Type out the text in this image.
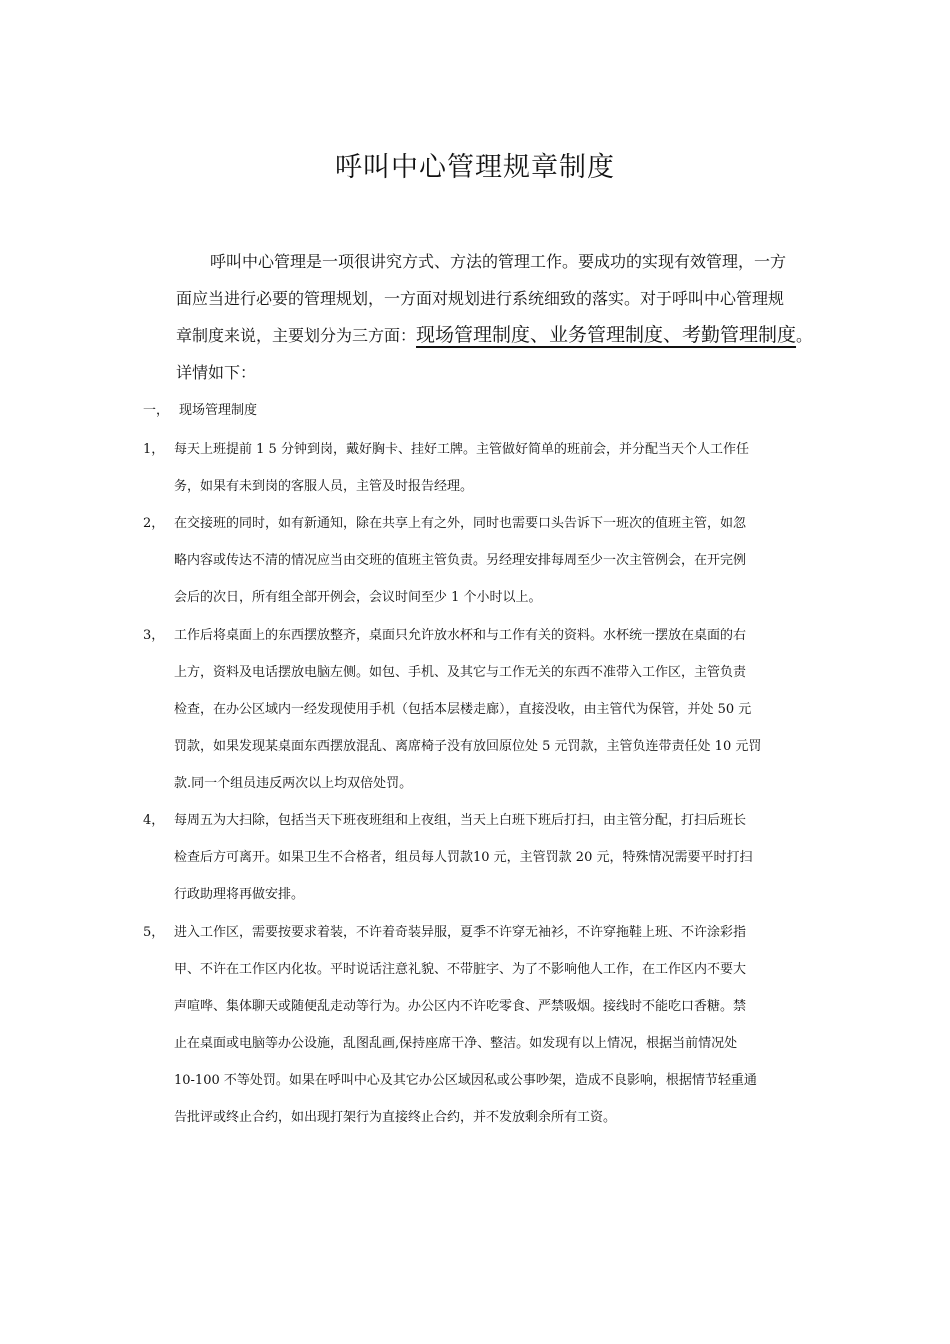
呼叫中心管理规章制度
呼叫中心管理是一项很讲究方式、方法的管理工作。要成功的实现有效管理，一方
面应当进行必要的管理规划，一方面对规划进行系统细致的落实。对于呼叫中心管理规
章制度来说，主要划分为三方面：现场管理制度、业务管理制度、考勤管理制度。
详情如下：
一， 现场管理制度
1， 每天上班提前 1 5 分钟到岗，戴好胸卡、挂好工牌。主管做好简单的班前会，并分配当天个人工作任
务，如果有未到岗的客服人员，主管及时报告经理。
2， 在交接班的同时，如有新通知，除在共享上有之外，同时也需要口头告诉下一班次的值班主管，如忽
略内容或传达不清的情况应当由交班的值班主管负责。另经理安排每周至少一次主管例会，在开完例
会后的次日，所有组全部开例会，会议时间至少 1 个小时以上。
3， 工作后将桌面上的东西摆放整齐，桌面只允许放水杯和与工作有关的资料。水杯统一摆放在桌面的右
上方，资料及电话摆放电脑左侧。如包、手机、及其它与工作无关的东西不准带入工作区，主管负责
检查，在办公区域内一经发现使用手机（包括本层楼走廊），直接没收，由主管代为保管，并处 50 元
罚款，如果发现某桌面东西摆放混乱、离席椅子没有放回原位处 5 元罚款，主管负连带责任处 10 元罚
款.同一个组员违反两次以上均双倍处罚。
4， 每周五为大扫除，包括当天下班夜班组和上夜组，当天上白班下班后打扫，由主管分配，打扫后班长
检查后方可离开。如果卫生不合格者，组员每人罚款10 元，主管罚款 20 元，特殊情况需要平时打扫
行政助理将再做安排。
5， 进入工作区，需要按要求着装，不许着奇装异服，夏季不许穿无袖衫，不许穿拖鞋上班、不许涂彩指
甲、不许在工作区内化妆。平时说话注意礼貌、不带脏字、为了不影响他人工作，在工作区内不要大
声喧哗、集体聊天或随便乱走动等行为。办公区内不许吃零食、严禁吸烟。接线时不能吃口香糖。禁
止在桌面或电脑等办公设施，乱图乱画,保持座席干净、整洁。如发现有以上情况，根据当前情况处
10-100 不等处罚。如果在呼叫中心及其它办公区域因私或公事吵架，造成不良影响，根据情节轻重通
告批评或终止合约，如出现打架行为直接终止合约，并不发放剩余所有工资。
